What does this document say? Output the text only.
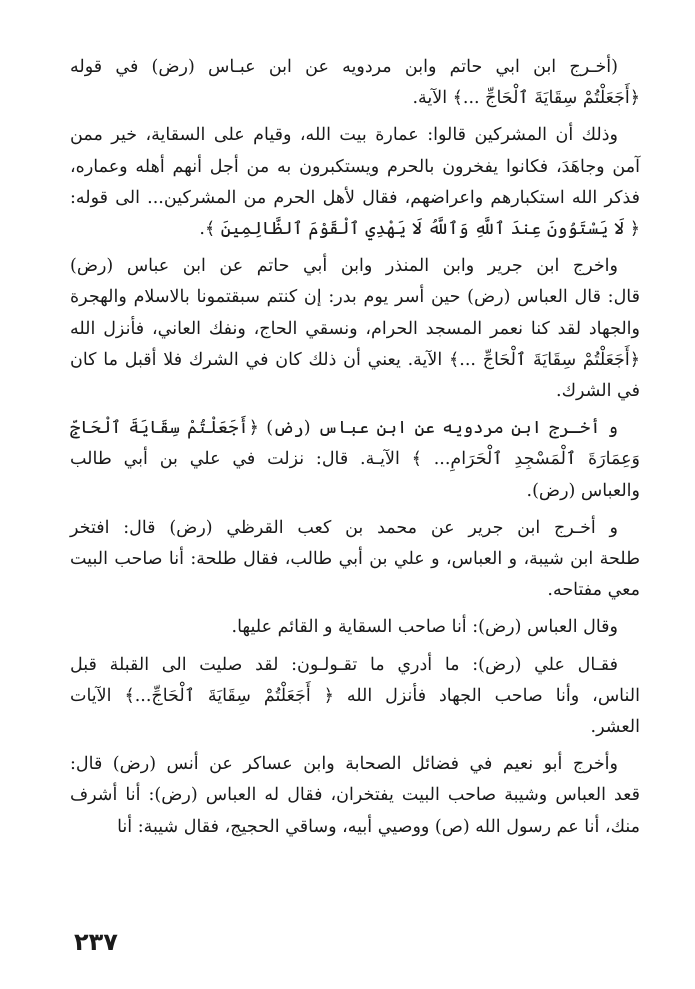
(أخـرج ابن ابي حاتم وابن مردويه عن ابن عبـاس (رض) في قوله
﴿أَجَعَلْتُمْ سِقَايَةَ ٱلْحَاجِّ ...﴾ الآية.
وذلك أن المشركين قالوا: عمارة بيت الله، وقيام على السقاية، خير ممن
آمن وجاهَدَ، فكانوا يفخرون بالحرم ويستكبرون به من أجل أنهم أهله وعماره،
فذكر الله استكبارهم واعراضهم، فقال لأهل الحرم من المشركين... الى قوله:
﴿ لَا يَسْتَوُونَ عِندَ ٱللَّهِ وَٱللَّهُ لَا يَهْدِي ٱلْقَوْمَ ٱلظَّالِمِينَ ﴾.
واخرج ابن جرير وابن المنذر وابن أبي حاتم عن ابن عباس (رض)
قال: قال العباس (رض) حين أسر يوم بدر: إن كنتم سبقتمونا بالاسلام والهجرة
والجهاد لقد كنا نعمر المسجد الحرام، ونسقي الحاج، ونفك العاني، فأنزل الله
﴿أَجَعَلْتُمْ سِقَايَةَ ٱلْحَاجِّ ...﴾ الآية. يعني أن ذلك كان في الشرك فلا أقبل ما كان
في الشرك.
و أخـرج ابن مردويه عن ابن عباس (رض) ﴿أَجَعَلْتُمْ سِقَايَةَ ٱلْحَاجِّ
وَعِمَارَةَ ٱلْمَسْجِدِ ٱلْحَرَامِ... ﴾ الآيـة. قال: نزلت في علي بن أبي طالب
والعباس (رض).
و أخـرج ابن جرير عن محمد بن كعب القرظي (رض) قال: افتخر
طلحة ابن شيبة، و العباس، و علي بن أبي طالب، فقال طلحة: أنا صاحب البيت
معي مفتاحه.
وقال العباس (رض): أنا صاحب السقاية و القائم عليها.
فقـال علي (رض): ما أدري ما تقـولـون: لقد صليت الى القبلة قبل
الناس، وأنا صاحب الجهاد فأنزل الله ﴿ أَجَعَلْتُمْ سِقَايَةَ ٱلْحَاجِّ...﴾ الآيات
العشر.
وأخرج أبو نعيم في فضائل الصحابة وابن عساكر عن أنس (رض) قال:
قعد العباس وشيبة صاحب البيت يفتخران، فقال له العباس (رض): أنا أشرف
منك، أنا عم رسول الله (ص) ووصيي أبيه، وساقي الحجيج، فقال شيبة: أنا
٢٣٧
